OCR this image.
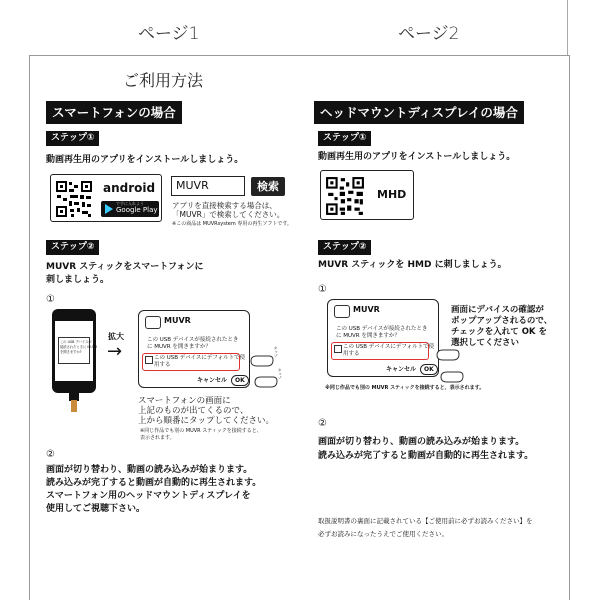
ページ1	ページ2
ご利用方法
スマートフォンの場合
ステップ①
動画再生用のアプリをインストールしましょう。
android
で手に入れよう
Google Play
MUVR	検索
アプリを直接検索する場合は、
「MUVR」で検索してください。
※この商品は MUVRsystem 専用の再生ソフトです。
ステップ②
MUVR スティックをスマートフォンに
刺しましょう。
①
この USB デバイスが
接続されたときに MUVR
を開きますか?
拡大
→
MUVR
この USB デバイスが接続されたとき
に MUVR を開きますか？
この USB デバイスにデフォルトで使
用する
キャンセル	OK
タップ
タップ
スマートフォンの画面に
上記のものが出てくるので、
上から順番にタップしてください。
※同じ作品でも別の MUVR スティックを接続すると、
表示されます。
②
画面が切り替わり、動画の読み込みが始まります。
読み込みが完了すると動画が自動的に再生されます。
スマートフォン用のヘッドマウントディスプレイを
使用してご視聴下さい。
ヘッドマウントディスプレイの場合
ステップ①
動画再生用のアプリをインストールしましょう。
MHD
ステップ②
MUVR スティックを HMD に刺しましょう。
①
MUVR
この USB デバイスが接続されたとき
に MUVR を開きますか？
この USB デバイスにデフォルトで使
用する
キャンセル	OK
画面にデバイスの確認が
ポップアップされるので、
チェックを入れて OK を
選択してください
※同じ作品でも別の MUVR スティックを接続すると、表示されます。
②
画面が切り替わり、動画の読み込みが始まります。
読み込みが完了すると動画が自動的に再生されます。
取扱説明書の裏面に記載されている【ご使用前に必ずお読みください】を
必ずお読みになったうえでご使用ください。
